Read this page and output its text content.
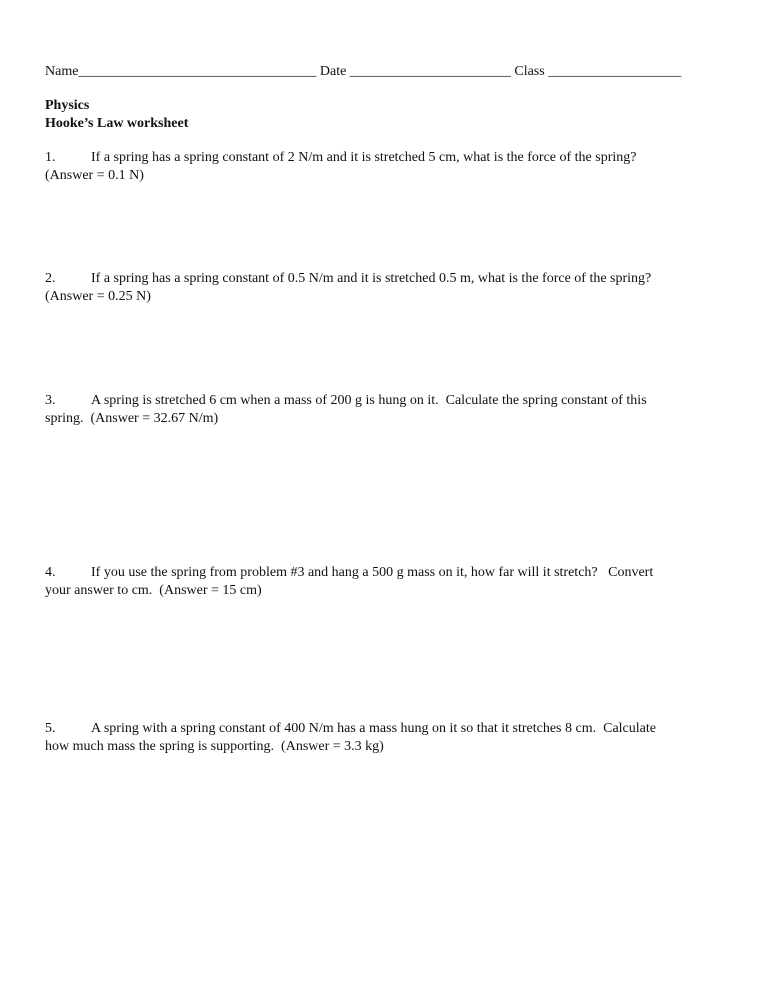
Name__________________________________ Date _______________________ Class ___________________
Physics
Hooke’s Law worksheet
1.	If a spring has a spring constant of 2 N/m and it is stretched 5 cm, what is the force of the spring?
(Answer = 0.1 N)
2.	If a spring has a spring constant of 0.5 N/m and it is stretched 0.5 m, what is the force of the spring?
(Answer = 0.25 N)
3.	A spring is stretched 6 cm when a mass of 200 g is hung on it.  Calculate the spring constant of this
spring.  (Answer = 32.67 N/m)
4.	If you use the spring from problem #3 and hang a 500 g mass on it, how far will it stretch?   Convert
your answer to cm.  (Answer = 15 cm)
5.	A spring with a spring constant of 400 N/m has a mass hung on it so that it stretches 8 cm.  Calculate
how much mass the spring is supporting.  (Answer = 3.3 kg)
